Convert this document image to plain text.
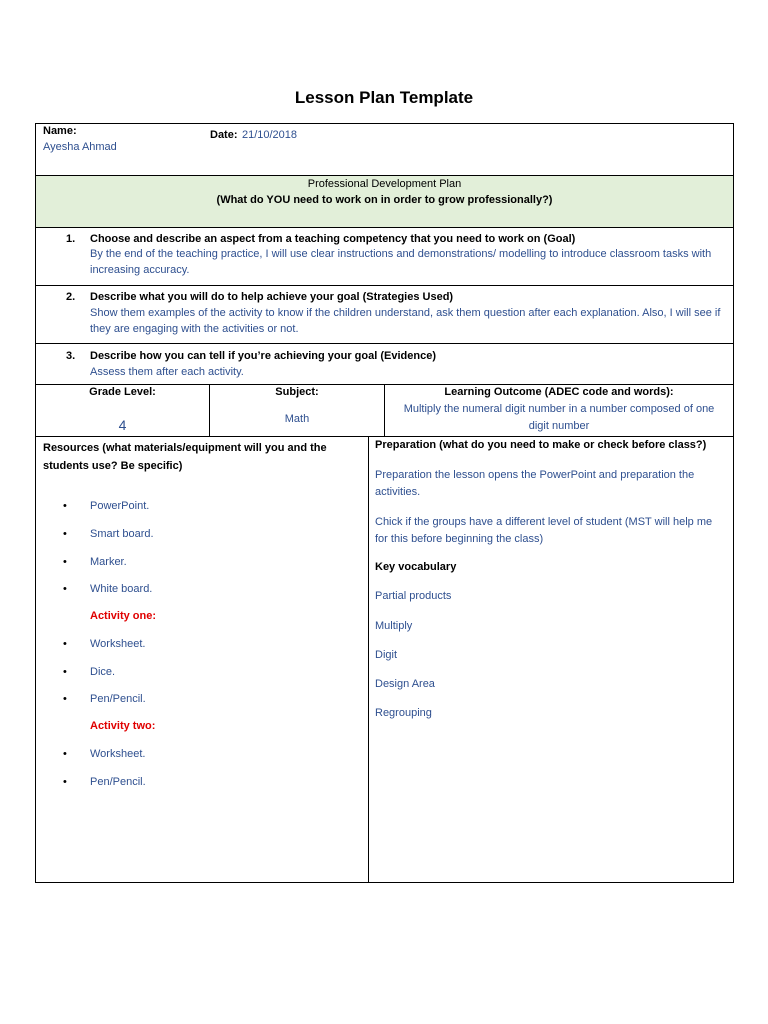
Lesson Plan Template
Name:
Ayesha Ahmad
Date: 21/10/2018
Professional Development Plan
(What do YOU need to work on in order to grow professionally?)
1. Choose and describe an aspect from a teaching competency that you need to work on (Goal)
By the end of the teaching practice, I will use clear instructions and demonstrations/ modelling to introduce classroom tasks with increasing accuracy.
2. Describe what you will do to help achieve your goal (Strategies Used)
Show them examples of the activity to know if the children understand, ask them question after each explanation. Also, I will see if they are engaging with the activities or not.
3. Describe how you can tell if you’re achieving your goal (Evidence)
Assess them after each activity.
Grade Level:
4
Subject:
Math
Learning Outcome (ADEC code and words):
Multiply the numeral digit number in a number composed of one digit number
Resources (what materials/equipment will you and the students use? Be specific)
• PowerPoint.
• Smart board.
• Marker.
• White board.
Activity one:
• Worksheet.
• Dice.
• Pen/Pencil.
Activity two:
• Worksheet.
• Pen/Pencil.
Preparation (what do you need to make or check before class?)
Preparation the lesson opens the PowerPoint and preparation the activities.
Chick if the groups have a different level of student (MST will help me for this before beginning the class)
Key vocabulary
Partial products
Multiply
Digit
Design Area
Regrouping
